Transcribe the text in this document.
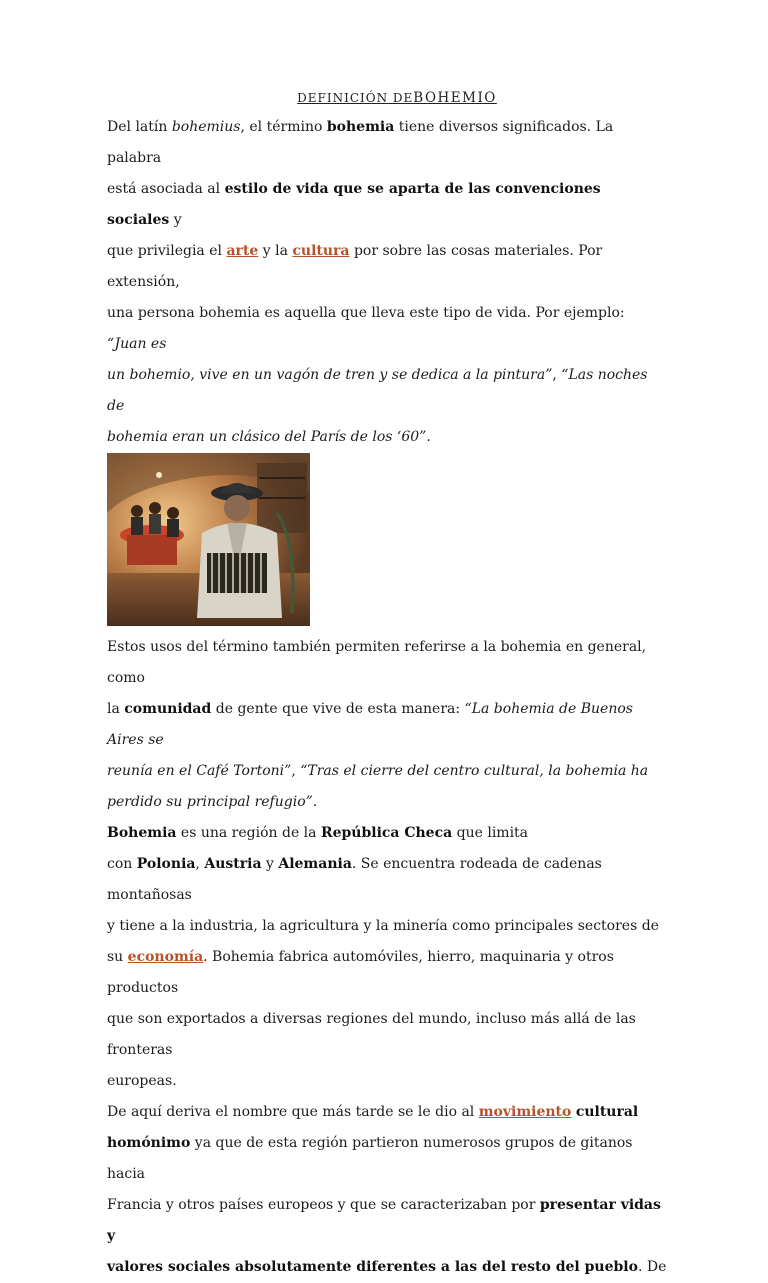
DEFINICIÓN DEBOHEMIO

Del latín bohemius, el término bohemia tiene diversos significados. La palabra
está asociada al estilo de vida que se aparta de las convenciones sociales y
que privilegia el arte y la cultura por sobre las cosas materiales. Por extensión,
una persona bohemia es aquella que lleva este tipo de vida. Por ejemplo: “Juan es
un bohemio, vive en un vagón de tren y se dedica a la pintura”, “Las noches de
bohemia eran un clásico del París de los ‘60”.

Estos usos del término también permiten referirse a la bohemia en general, como
la comunidad de gente que vive de esta manera: “La bohemia de Buenos Aires se
reunía en el Café Tortoni”, “Tras el cierre del centro cultural, la bohemia ha
perdido su principal refugio”.

Bohemia es una región de la República Checa que limita
con Polonia, Austria y Alemania. Se encuentra rodeada de cadenas montañosas
y tiene a la industria, la agricultura y la minería como principales sectores de
su economía. Bohemia fabrica automóviles, hierro, maquinaria y otros productos
que son exportados a diversas regiones del mundo, incluso más allá de las fronteras
europeas.

De aquí deriva el nombre que más tarde se le dio al movimiento cultural
homónimo ya que de esta región partieron numerosos grupos de gitanos hacia
Francia y otros países europeos y que se caracterizaban por presentar vidas y
valores sociales absolutamente diferentes a las del resto del pueblo. De
